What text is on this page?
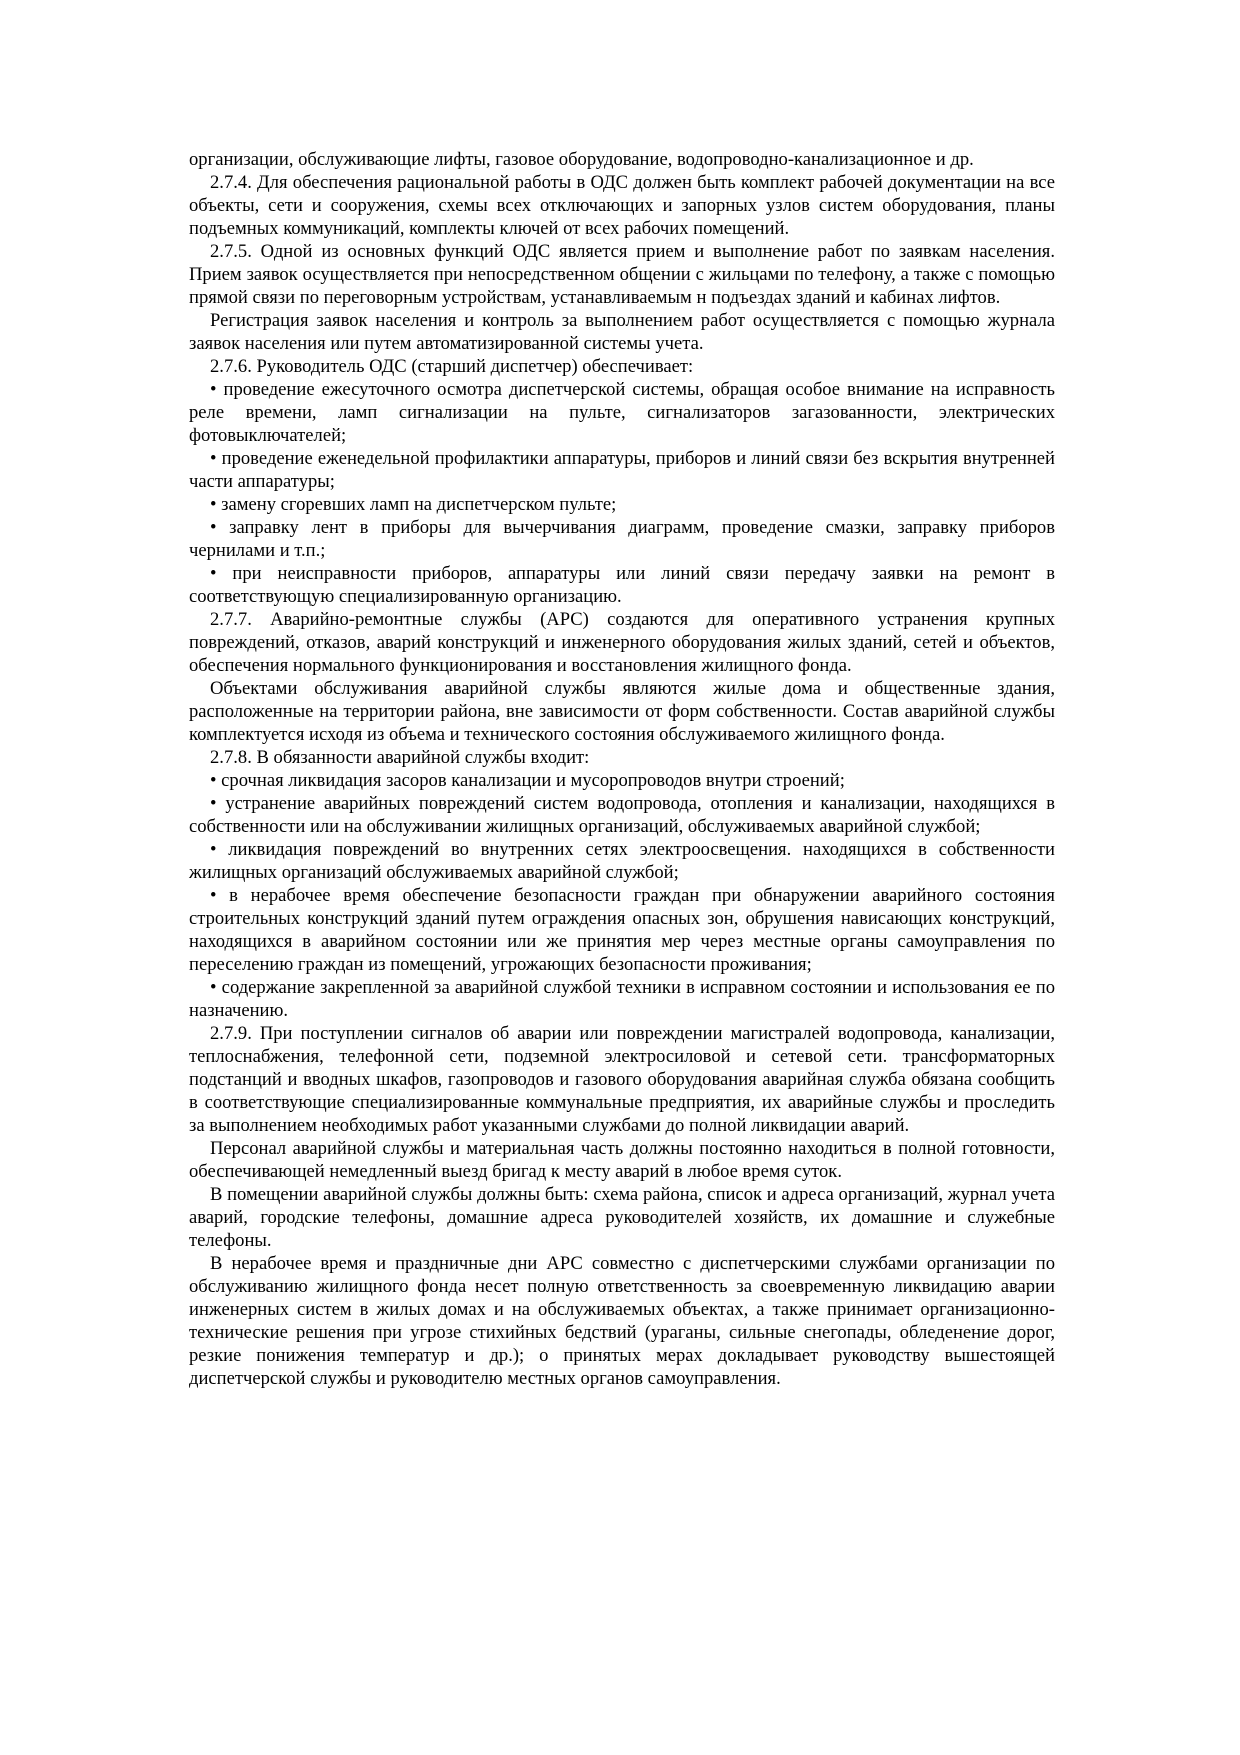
организации, обслуживающие лифты, газовое оборудование, водопроводно-канализационное и др.

2.7.4. Для обеспечения рациональной работы в ОДС должен быть комплект рабочей документации на все объекты, сети и сооружения, схемы всех отключающих и запорных узлов систем оборудования, планы подъемных коммуникаций, комплекты ключей от всех рабочих помещений.

2.7.5. Одной из основных функций ОДС является прием и выполнение работ по заявкам населения. Прием заявок осуществляется при непосредственном общении с жильцами по телефону, а также с помощью прямой связи по переговорным устройствам, устанавливаемым н подъездах зданий и кабинах лифтов.

Регистрация заявок населения и контроль за выполнением работ осуществляется с помощью журнала заявок населения или путем автоматизированной системы учета.

2.7.6. Руководитель ОДС (старший диспетчер) обеспечивает:

• проведение ежесуточного осмотра диспетчерской системы, обращая особое внимание на исправность реле времени, ламп сигнализации на пульте, сигнализаторов загазованности, электрических фотовыключателей;

• проведение еженедельной профилактики аппаратуры, приборов и линий связи без вскрытия внутренней части аппаратуры;

• замену сгоревших ламп на диспетчерском пульте;

• заправку лент в приборы для вычерчивания диаграмм, проведение смазки, заправку приборов чернилами и т.п.;

• при неисправности приборов, аппаратуры или линий связи передачу заявки на ремонт в соответствующую специализированную организацию.

2.7.7. Аварийно-ремонтные службы (АРС) создаются для оперативного устранения крупных повреждений, отказов, аварий конструкций и инженерного оборудования жилых зданий, сетей и объектов, обеспечения нормального функционирования и восстановления жилищного фонда.

Объектами обслуживания аварийной службы являются жилые дома и общественные здания, расположенные на территории района, вне зависимости от форм собственности. Состав аварийной службы комплектуется исходя из объема и технического состояния обслуживаемого жилищного фонда.

2.7.8. В обязанности аварийной службы входит:

• срочная ликвидация засоров канализации и мусоропроводов внутри строений;

• устранение аварийных повреждений систем водопровода, отопления и канализации, находящихся в собственности или на обслуживании жилищных организаций, обслуживаемых аварийной службой;

• ликвидация повреждений во внутренних сетях электроосвещения. находящихся в собственности жилищных организаций обслуживаемых аварийной службой;

• в нерабочее время обеспечение безопасности граждан при обнаружении аварийного состояния строительных конструкций зданий путем ограждения опасных зон, обрушения нависающих конструкций, находящихся в аварийном состоянии или же принятия мер через местные органы самоуправления по переселению граждан из помещений, угрожающих безопасности проживания;

• содержание закрепленной за аварийной службой техники в исправном состоянии и использования ее по назначению.

2.7.9. При поступлении сигналов об аварии или повреждении магистралей водопровода, канализации, теплоснабжения, телефонной сети, подземной электросиловой и сетевой сети. трансформаторных подстанций и вводных шкафов, газопроводов и газового оборудования аварийная служба обязана сообщить в соответствующие специализированные коммунальные предприятия, их аварийные службы и проследить за выполнением необходимых работ указанными службами до полной ликвидации аварий.

Персонал аварийной службы и материальная часть должны постоянно находиться в полной готовности, обеспечивающей немедленный выезд бригад к месту аварий в любое время суток.

В помещении аварийной службы должны быть: схема района, список и адреса организаций, журнал учета аварий, городские телефоны, домашние адреса руководителей хозяйств, их домашние и служебные телефоны.

В нерабочее время и праздничные дни АРС совместно с диспетчерскими службами организации по обслуживанию жилищного фонда несет полную ответственность за своевременную ликвидацию аварии инженерных систем в жилых домах и на обслуживаемых объектах, а также принимает организационно-технические решения при угрозе стихийных бедствий (ураганы, сильные снегопады, обледенение дорог, резкие понижения температур и др.); о принятых мерах докладывает руководству вышестоящей диспетчерской службы и руководителю местных органов самоуправления.
